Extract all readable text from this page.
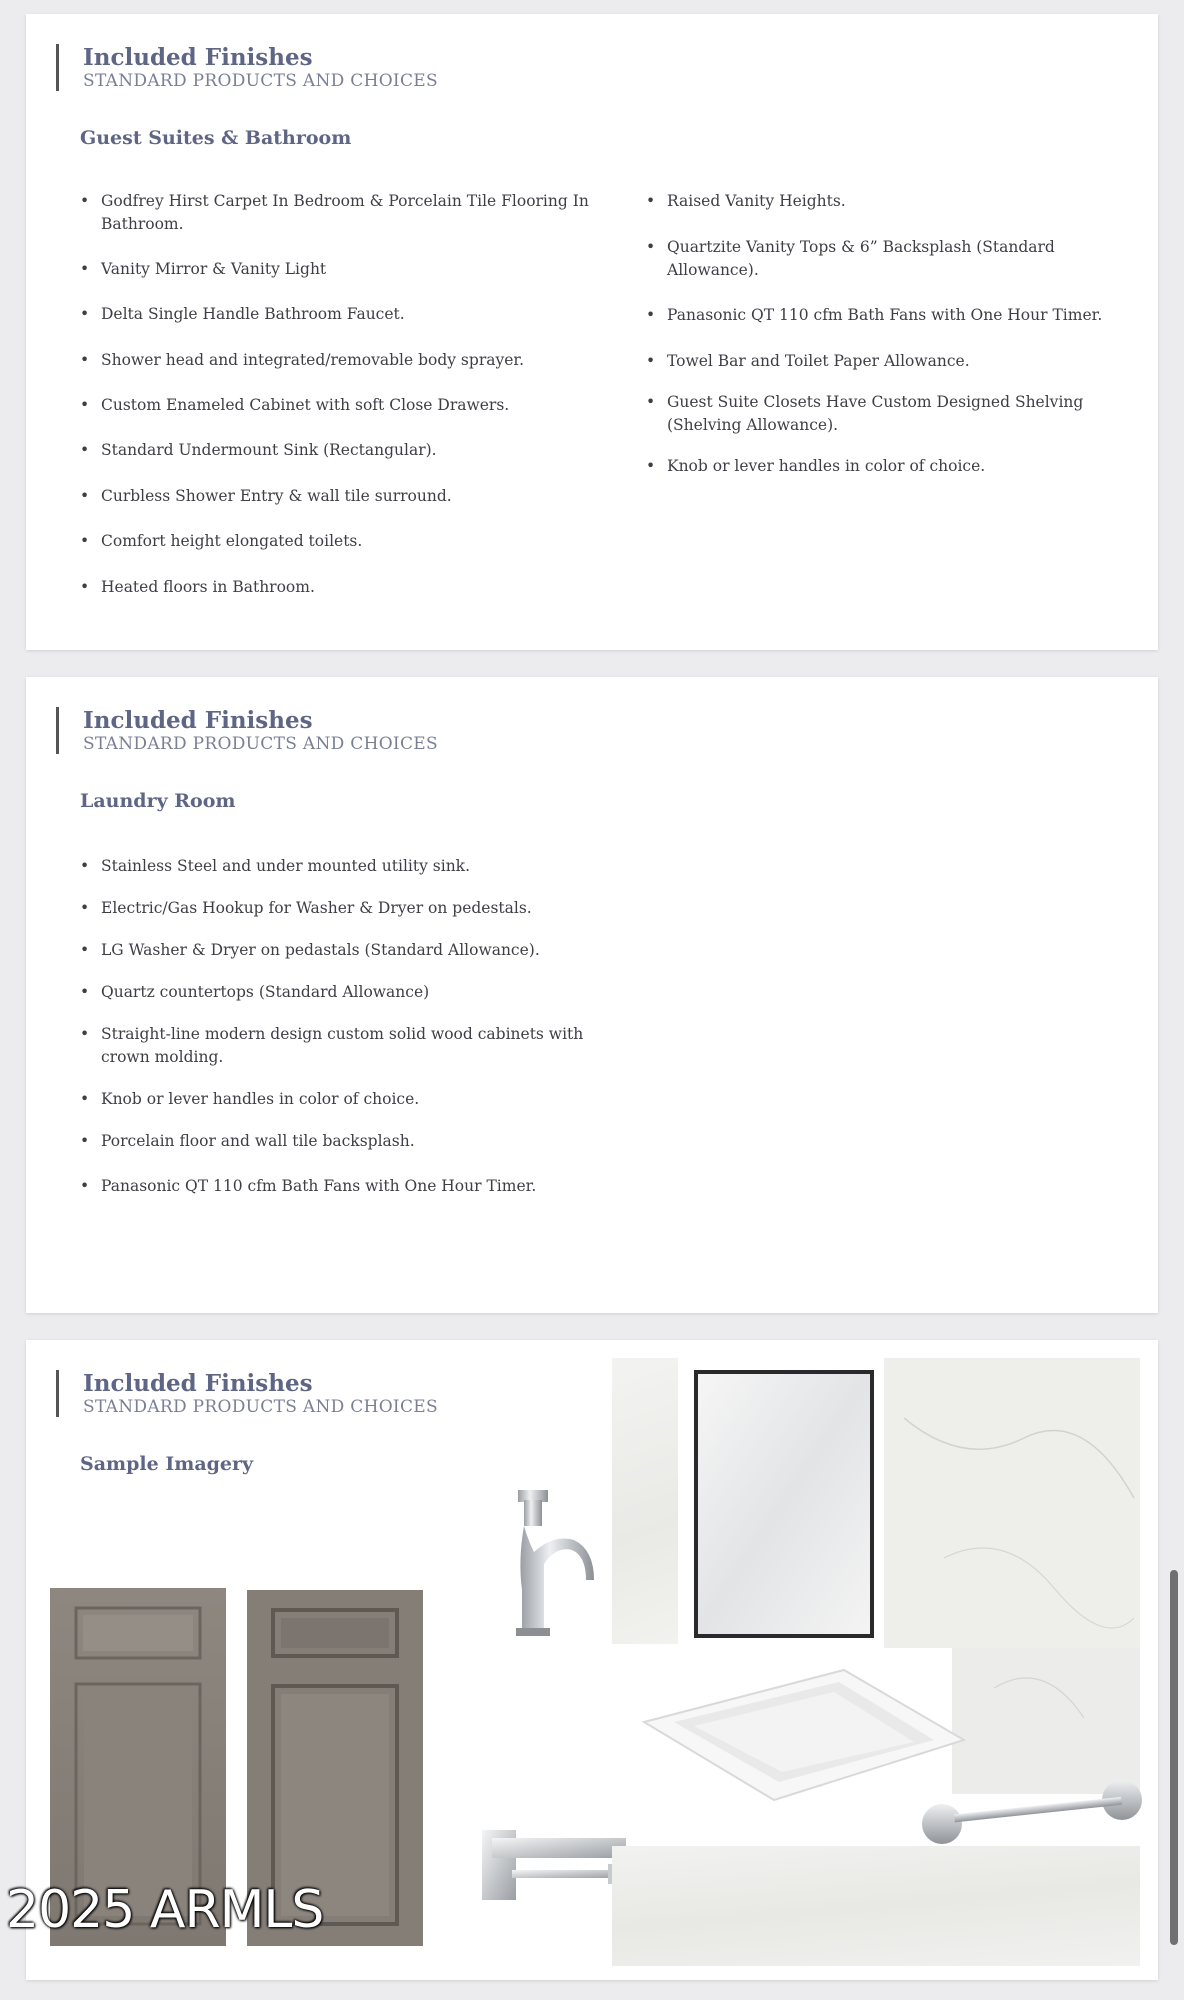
Included Finishes
STANDARD PRODUCTS AND CHOICES
Guest Suites & Bathroom
• Godfrey Hirst Carpet In Bedroom & Porcelain Tile Flooring In Bathroom.
• Vanity Mirror & Vanity Light
• Delta Single Handle Bathroom Faucet.
• Shower head and integrated/removable body sprayer.
• Custom Enameled Cabinet with soft Close Drawers.
• Standard Undermount Sink (Rectangular).
• Curbless Shower Entry & wall tile surround.
• Comfort height elongated toilets.
• Heated floors in Bathroom.
• Raised Vanity Heights.
• Quartzite Vanity Tops & 6” Backsplash (Standard Allowance).
• Panasonic QT 110 cfm Bath Fans with One Hour Timer.
• Towel Bar and Toilet Paper Allowance.
• Guest Suite Closets Have Custom Designed Shelving (Shelving Allowance).
• Knob or lever handles in color of choice.
Included Finishes
STANDARD PRODUCTS AND CHOICES
Laundry Room
• Stainless Steel and under mounted utility sink.
• Electric/Gas Hookup for Washer & Dryer on pedestals.
• LG Washer & Dryer on pedastals (Standard Allowance).
• Quartz countertops (Standard Allowance)
• Straight-line modern design custom solid wood cabinets with crown molding.
• Knob or lever handles in color of choice.
• Porcelain floor and wall tile backsplash.
• Panasonic QT 110 cfm Bath Fans with One Hour Timer.
Included Finishes
STANDARD PRODUCTS AND CHOICES
Sample Imagery
2025 ARMLS
